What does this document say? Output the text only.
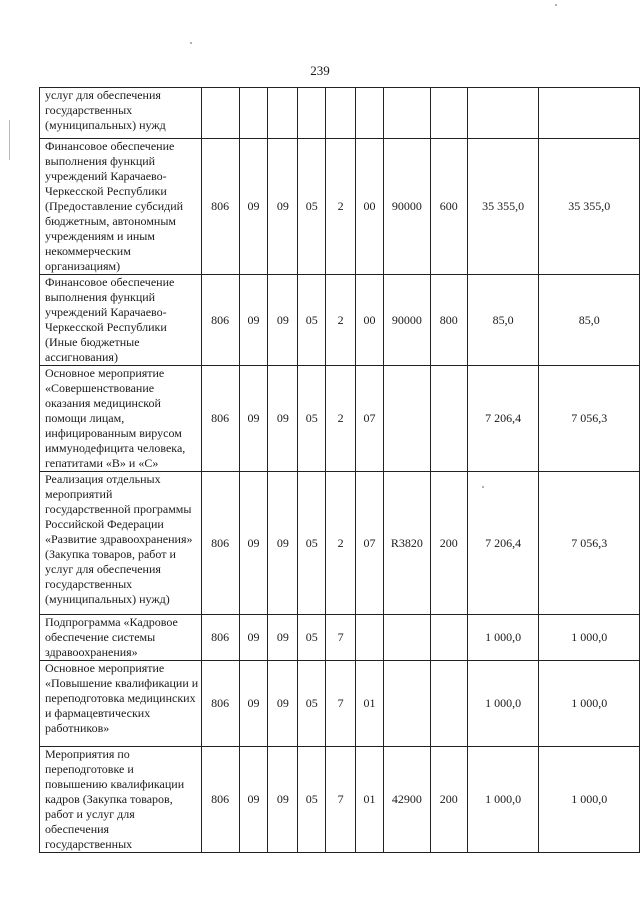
239
услуг для обеспечения государственных (муниципальных) нужд										
Финансовое обеспечение выполнения функций учреждений Карачаево-Черкесской Республики (Предоставление субсидий бюджетным, автономным учреждениям и иным некоммерческим организациям)	806	09	09	05	2	00	90000	600	35 355,0	35 355,0
Финансовое обеспечение выполнения функций учреждений Карачаево-Черкесской Республики (Иные бюджетные ассигнования)	806	09	09	05	2	00	90000	800	85,0	85,0
Основное мероприятие «Совершенствование оказания медицинской помощи лицам, инфицированным вирусом иммунодефицита человека, гепатитами «В» и «С»	806	09	09	05	2	07			7 206,4	7 056,3
Реализация отдельных мероприятий государственной программы Российской Федерации «Развитие здравоохранения» (Закупка товаров, работ и услуг для обеспечения государственных (муниципальных) нужд)	806	09	09	05	2	07	R3820	200	7 206,4	7 056,3
Подпрограмма «Кадровое обеспечение системы здравоохранения»	806	09	09	05	7				1 000,0	1 000,0
Основное мероприятие «Повышение квалификации и переподготовка медицинских и фармацевтических работников»	806	09	09	05	7	01			1 000,0	1 000,0
Мероприятия по переподготовке и повышению квалификации кадров (Закупка товаров, работ и услуг для обеспечения государственных	806	09	09	05	7	01	42900	200	1 000,0	1 000,0
